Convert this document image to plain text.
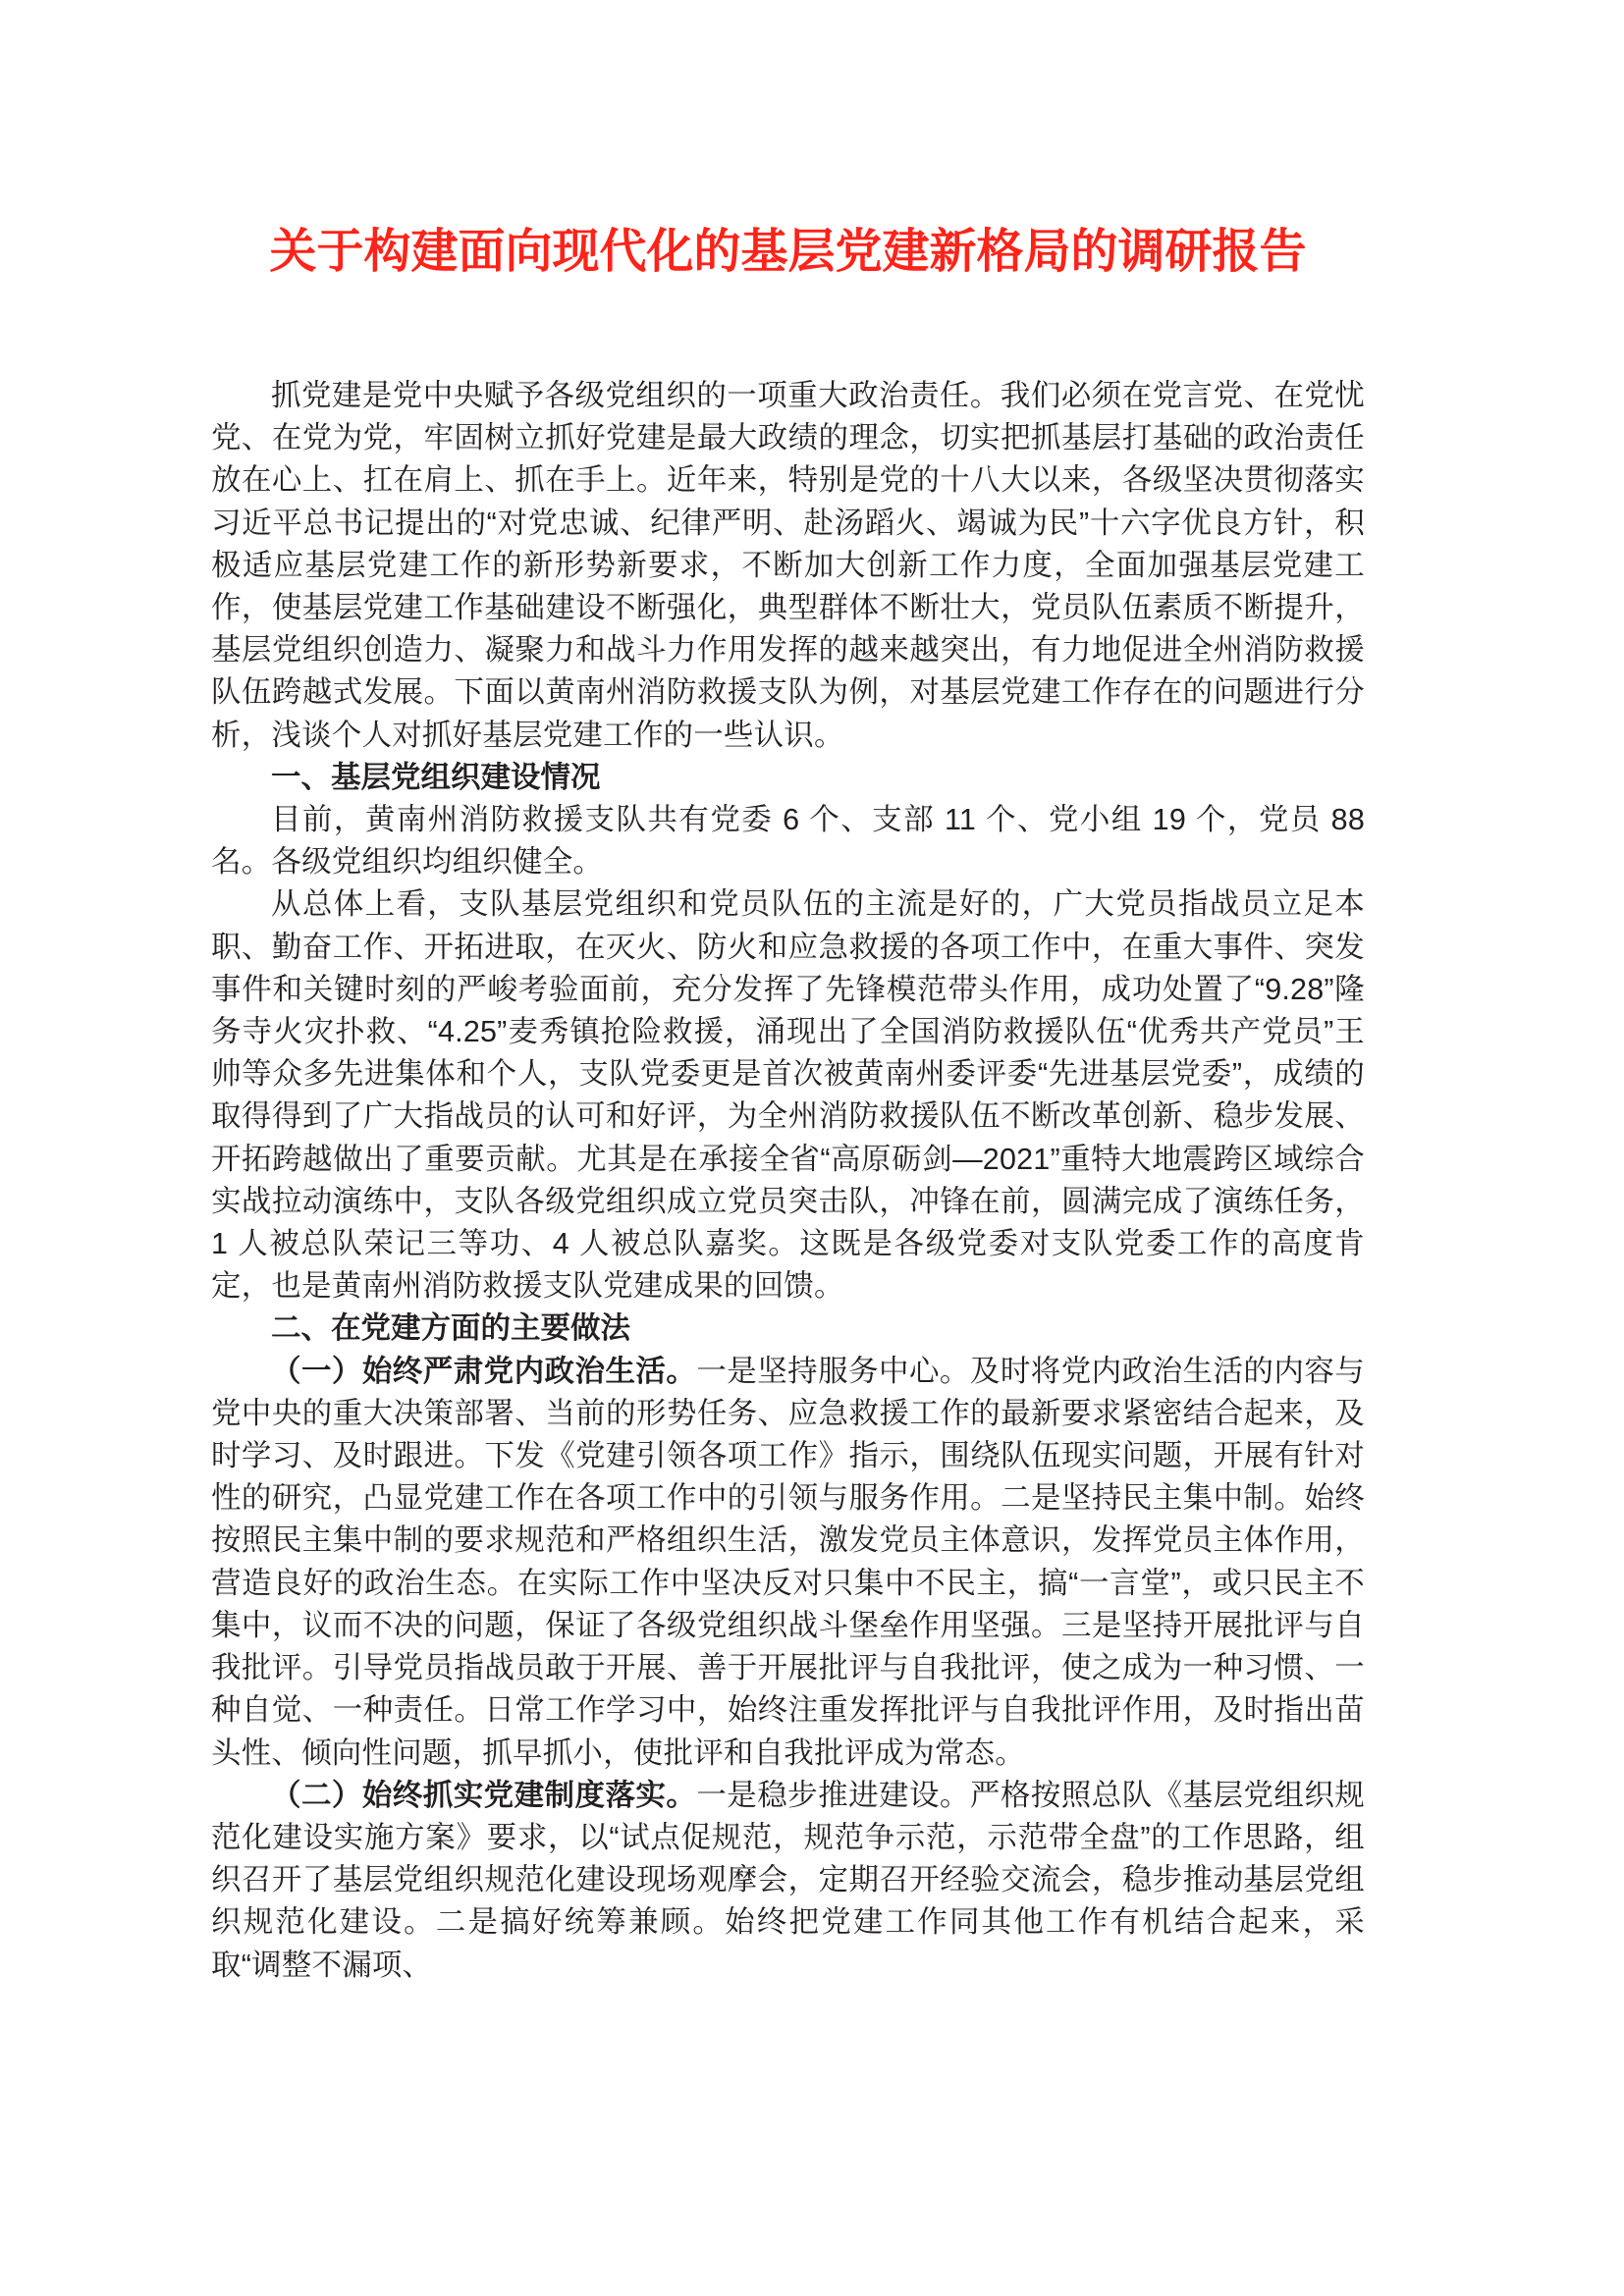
关于构建面向现代化的基层党建新格局的调研报告

抓党建是党中央赋予各级党组织的一项重大政治责任。我们必须在党言党、在党忧党、在党为党，牢固树立抓好党建是最大政绩的理念，切实把抓基层打基础的政治责任放在心上、扛在肩上、抓在手上。近年来，特别是党的十八大以来，各级坚决贯彻落实习近平总书记提出的“对党忠诚、纪律严明、赴汤蹈火、竭诚为民”十六字优良方针，积极适应基层党建工作的新形势新要求，不断加大创新工作力度，全面加强基层党建工作，使基层党建工作基础建设不断强化，典型群体不断壮大，党员队伍素质不断提升，基层党组织创造力、凝聚力和战斗力作用发挥的越来越突出，有力地促进全州消防救援队伍跨越式发展。下面以黄南州消防救援支队为例，对基层党建工作存在的问题进行分析，浅谈个人对抓好基层党建工作的一些认识。

一、基层党组织建设情况

目前，黄南州消防救援支队共有党委 6 个、支部 11 个、党小组 19 个，党员 88 名。各级党组织均组织健全。

从总体上看，支队基层党组织和党员队伍的主流是好的，广大党员指战员立足本职、勤奋工作、开拓进取，在灭火、防火和应急救援的各项工作中，在重大事件、突发事件和关键时刻的严峻考验面前，充分发挥了先锋模范带头作用，成功处置了“9.28”隆务寺火灾扑救、“4.25”麦秀镇抢险救援，涌现出了全国消防救援队伍“优秀共产党员”王帅等众多先进集体和个人，支队党委更是首次被黄南州委评委“先进基层党委”，成绩的取得得到了广大指战员的认可和好评，为全州消防救援队伍不断改革创新、稳步发展、开拓跨越做出了重要贡献。尤其是在承接全省“高原砺剑—2021”重特大地震跨区域综合实战拉动演练中，支队各级党组织成立党员突击队，冲锋在前，圆满完成了演练任务，1 人被总队荣记三等功、4 人被总队嘉奖。这既是各级党委对支队党委工作的高度肯定，也是黄南州消防救援支队党建成果的回馈。

二、在党建方面的主要做法

（一）始终严肃党内政治生活。一是坚持服务中心。及时将党内政治生活的内容与党中央的重大决策部署、当前的形势任务、应急救援工作的最新要求紧密结合起来，及时学习、及时跟进。下发《党建引领各项工作》指示，围绕队伍现实问题，开展有针对性的研究，凸显党建工作在各项工作中的引领与服务作用。二是坚持民主集中制。始终按照民主集中制的要求规范和严格组织生活，激发党员主体意识，发挥党员主体作用，营造良好的政治生态。在实际工作中坚决反对只集中不民主，搞“一言堂”，或只民主不集中，议而不决的问题，保证了各级党组织战斗堡垒作用坚强。三是坚持开展批评与自我批评。引导党员指战员敢于开展、善于开展批评与自我批评，使之成为一种习惯、一种自觉、一种责任。日常工作学习中，始终注重发挥批评与自我批评作用，及时指出苗头性、倾向性问题，抓早抓小，使批评和自我批评成为常态。

（二）始终抓实党建制度落实。一是稳步推进建设。严格按照总队《基层党组织规范化建设实施方案》要求，以“试点促规范，规范争示范，示范带全盘”的工作思路，组织召开了基层党组织规范化建设现场观摩会，定期召开经验交流会，稳步推动基层党组织规范化建设。二是搞好统筹兼顾。始终把党建工作同其他工作有机结合起来，采取“调整不漏项、
